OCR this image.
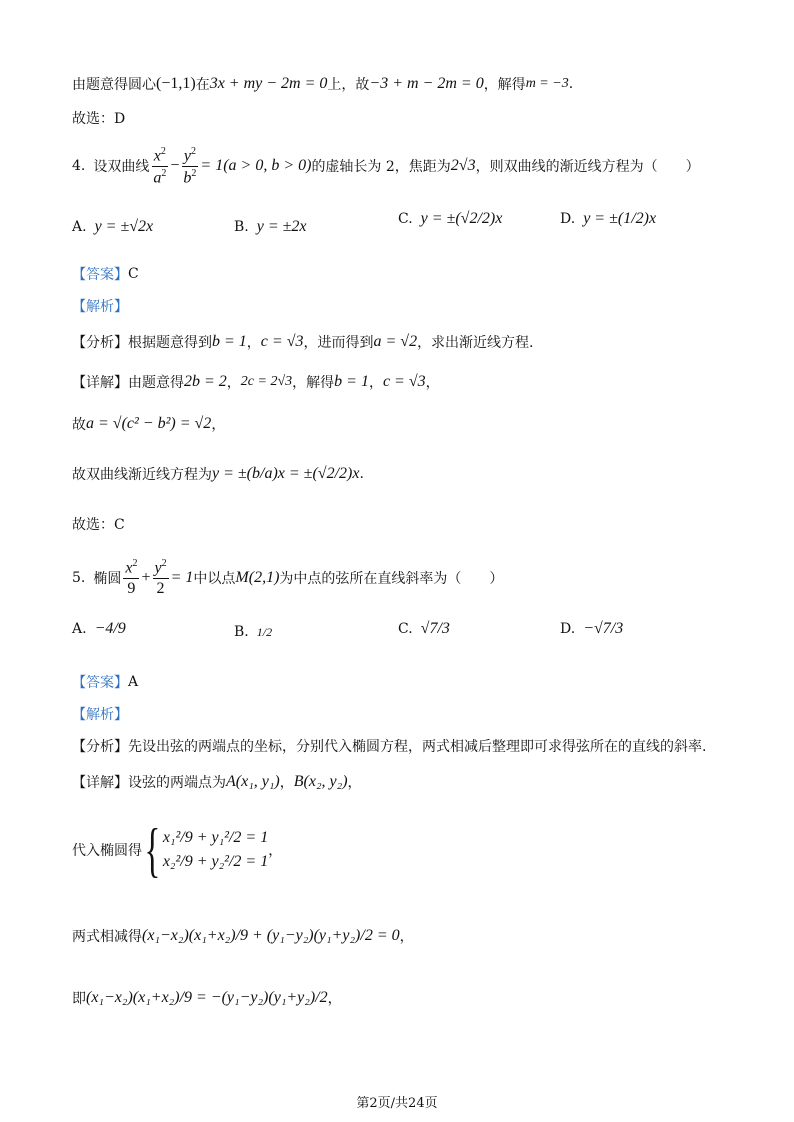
由题意得圆心 (−1,1) 在 3x + my − 2m = 0 上，故 −3 + m − 2m = 0 ，解得 m = −3 .
故选：D
4. 设双曲线 $\frac{x^2}{a^2} - \frac{y^2}{b^2} = 1(a > 0$, b > 0) 的虚轴长为 2，焦距为 2√3 ，则双曲线的渐近线方程为（　　）
A. y = ±√2x	B. y = ±2x	C. y = ±(√2/2)x	D. y = ±(1/2)x
【答案】 C
【解析】
【分析】 根据题意得到 b = 1 ， c = √3 ，进而得到 a = √2 ，求出渐近线方程.
【详解】 由题意得 2b = 2 ， 2c = 2√3 ，解得 b = 1 ， c = √3 ，
故 a = √(c² − b²) = √2 ，
故双曲线渐近线方程为 y = ±(b/a)x = ±(√2/2)x .
故选：C
5. 椭圆 $\frac{x^2}{9} + \frac{y^2}{2} = 1$ 中以点 M(2,1) 为中点的弦所在直线斜率为（　　）
A. −4/9	B. 1/2	C. √7/3	D. −√7/3
【答案】 A
【解析】
【分析】 先设出弦的两端点的坐标，分别代入椭圆方程，两式相减后整理即可求得弦所在的直线的斜率.
【详解】 设弦的两端点为 A(x₁, y₁) ， B(x₂, y₂) ，
代入椭圆得 { x₁²/9 + y₁²/2 = 1
x₂²/9 + y₂²/2 = 1
，
两式相减得 (x₁−x₂)(x₁+x₂)/9 + (y₁−y₂)(y₁+y₂)/2 = 0 ，
即 (x₁−x₂)(x₁+x₂)/9 = −(y₁−y₂)(y₁+y₂)/2 ，
第2页/共24页
